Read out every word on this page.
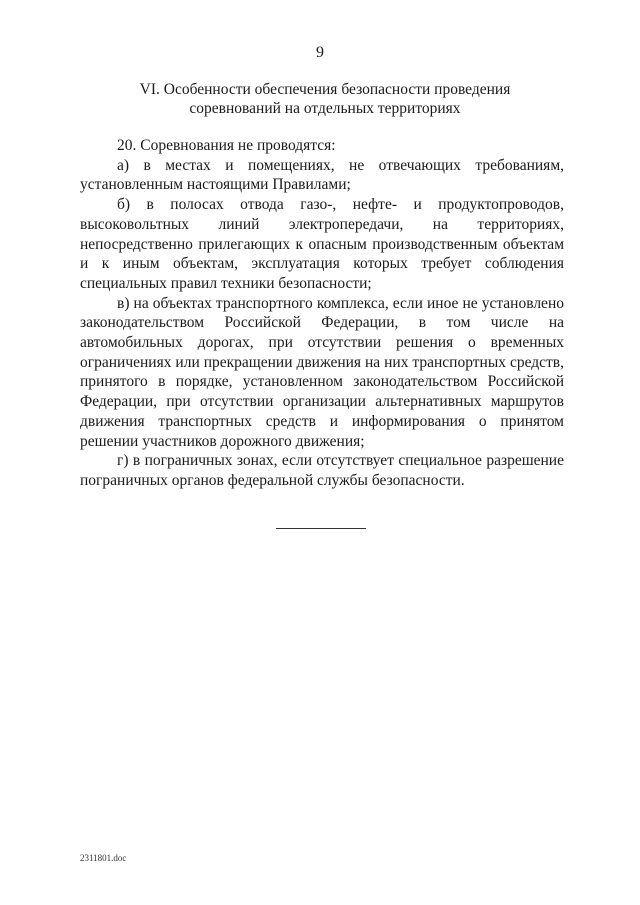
9
VI. Особенности обеспечения безопасности проведения
соревнований на отдельных территориях

20. Соревнования не проводятся:

а) в местах и помещениях, не отвечающих требованиям, установленным настоящими Правилами;

б) в полосах отвода газо-, нефте- и продуктопроводов, высоковольтных линий электропередачи, на территориях, непосредственно прилегающих к опасным производственным объектам и к иным объектам, эксплуатация которых требует соблюдения специальных правил техники безопасности;

в) на объектах транспортного комплекса, если иное не установлено законодательством Российской Федерации, в том числе на автомобильных дорогах, при отсутствии решения о временных ограничениях или прекращении движения на них транспортных средств, принятого в порядке, установленном законодательством Российской Федерации, при отсутствии организации альтернативных маршрутов движения транспортных средств и информирования о принятом решении участников дорожного движения;

г) в пограничных зонах, если отсутствует специальное разрешение пограничных органов федеральной службы безопасности.

2311801.doc
